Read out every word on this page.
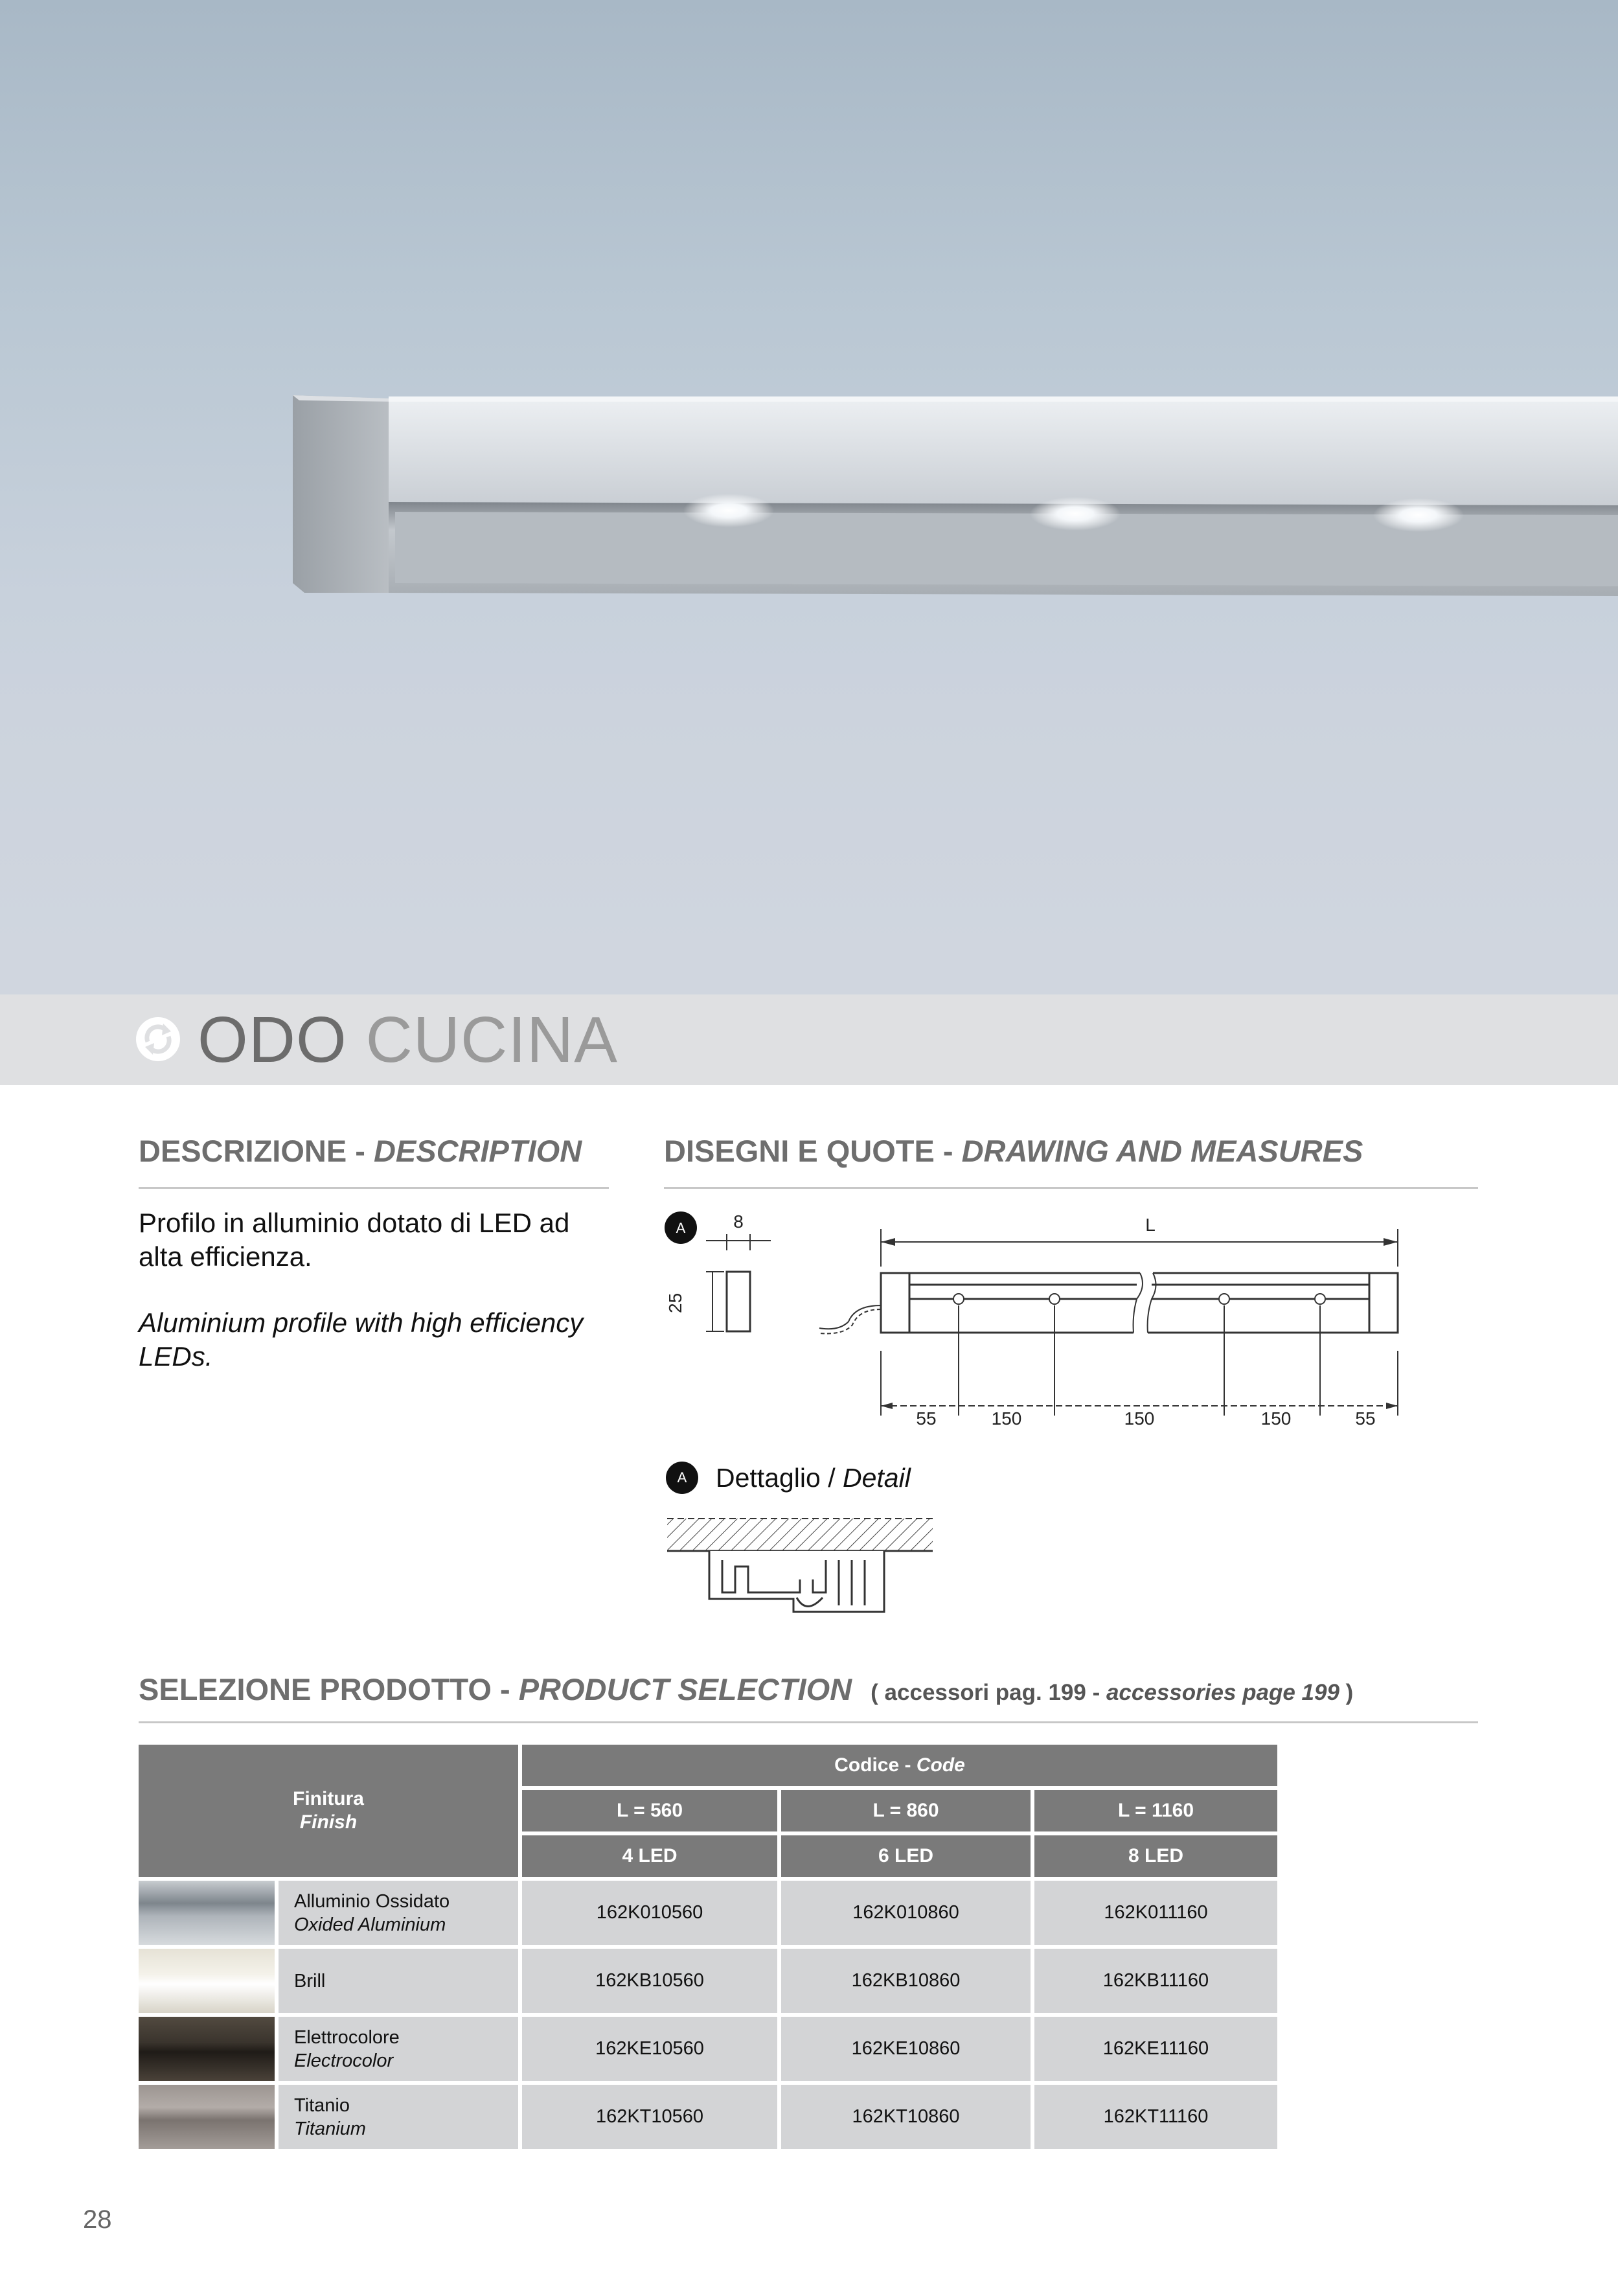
ODO CUCINA
DESCRIZIONE - DESCRIPTION

Profilo in alluminio dotato di LED ad alta efficienza.

Aluminium profile with high efficiency LEDs.

DISEGNI E QUOTE - DRAWING AND MEASURES
A	8
25
L
55	150	150	150	55
A	Dettaglio / Detail
SELEZIONE PRODOTTO - PRODUCT SELECTION ( accessori pag. 199 - accessories page 199 )
Finitura
Finish		Codice - Code		
		L = 560	L = 860	L = 1160
		4 LED	6 LED	8 LED

	Alluminio Ossidato
Oxided Aluminium	162K010560	162K010860	162K011160

	Brill	162KB10560	162KB10860	162KB11160

	Elettrocolore
Electrocolor	162KE10560	162KE10860	162KE11160

	Titanio
Titanium	162KT10560	162KT10860	162KT11160
28
